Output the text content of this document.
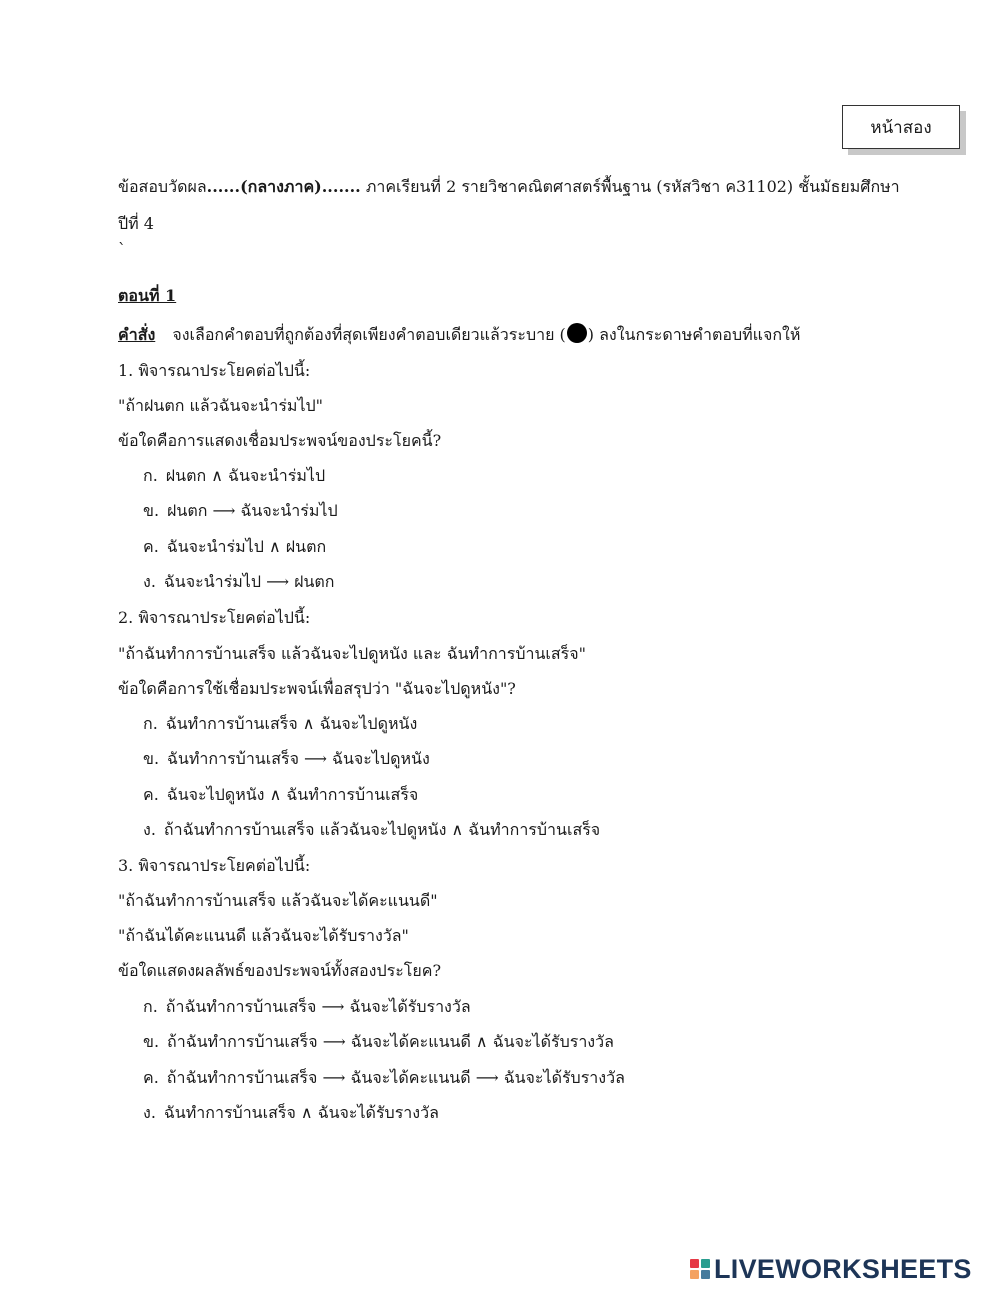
หน้าสอง
ข้อสอบวัดผล......(กลางภาค)....... ภาคเรียนที่ 2 รายวิชาคณิตศาสตร์พื้นฐาน (รหัสวิชา ค31102) ชั้นมัธยมศึกษา
ปีที่ 4
`
ตอนที่ 1
คำสั่ง จงเลือกคำตอบที่ถูกต้องที่สุดเพียงคำตอบเดียวแล้วระบาย ( ) ลงในกระดาษคำตอบที่แจกให้
1. พิจารณาประโยคต่อไปนี้:
"ถ้าฝนตก แล้วฉันจะนำร่มไป"
ข้อใดคือการแสดงเชื่อมประพจน์ของประโยคนี้?
ก. ฝนตก ∧ ฉันจะนำร่มไป
ข. ฝนตก ⟶ ฉันจะนำร่มไป
ค. ฉันจะนำร่มไป ∧ ฝนตก
ง. ฉันจะนำร่มไป ⟶ ฝนตก
2. พิจารณาประโยคต่อไปนี้:
"ถ้าฉันทำการบ้านเสร็จ แล้วฉันจะไปดูหนัง และ ฉันทำการบ้านเสร็จ"
ข้อใดคือการใช้เชื่อมประพจน์เพื่อสรุปว่า "ฉันจะไปดูหนัง"?
ก. ฉันทำการบ้านเสร็จ ∧ ฉันจะไปดูหนัง
ข. ฉันทำการบ้านเสร็จ ⟶ ฉันจะไปดูหนัง
ค. ฉันจะไปดูหนัง ∧ ฉันทำการบ้านเสร็จ
ง. ถ้าฉันทำการบ้านเสร็จ แล้วฉันจะไปดูหนัง ∧ ฉันทำการบ้านเสร็จ
3. พิจารณาประโยคต่อไปนี้:
"ถ้าฉันทำการบ้านเสร็จ แล้วฉันจะได้คะแนนดี"
"ถ้าฉันได้คะแนนดี แล้วฉันจะได้รับรางวัล"
ข้อใดแสดงผลลัพธ์ของประพจน์ทั้งสองประโยค?
ก. ถ้าฉันทำการบ้านเสร็จ ⟶ ฉันจะได้รับรางวัล
ข. ถ้าฉันทำการบ้านเสร็จ ⟶ ฉันจะได้คะแนนดี ∧ ฉันจะได้รับรางวัล
ค. ถ้าฉันทำการบ้านเสร็จ ⟶ ฉันจะได้คะแนนดี ⟶ ฉันจะได้รับรางวัล
ง. ฉันทำการบ้านเสร็จ ∧ ฉันจะได้รับรางวัล
LIVEWORKSHEETS
